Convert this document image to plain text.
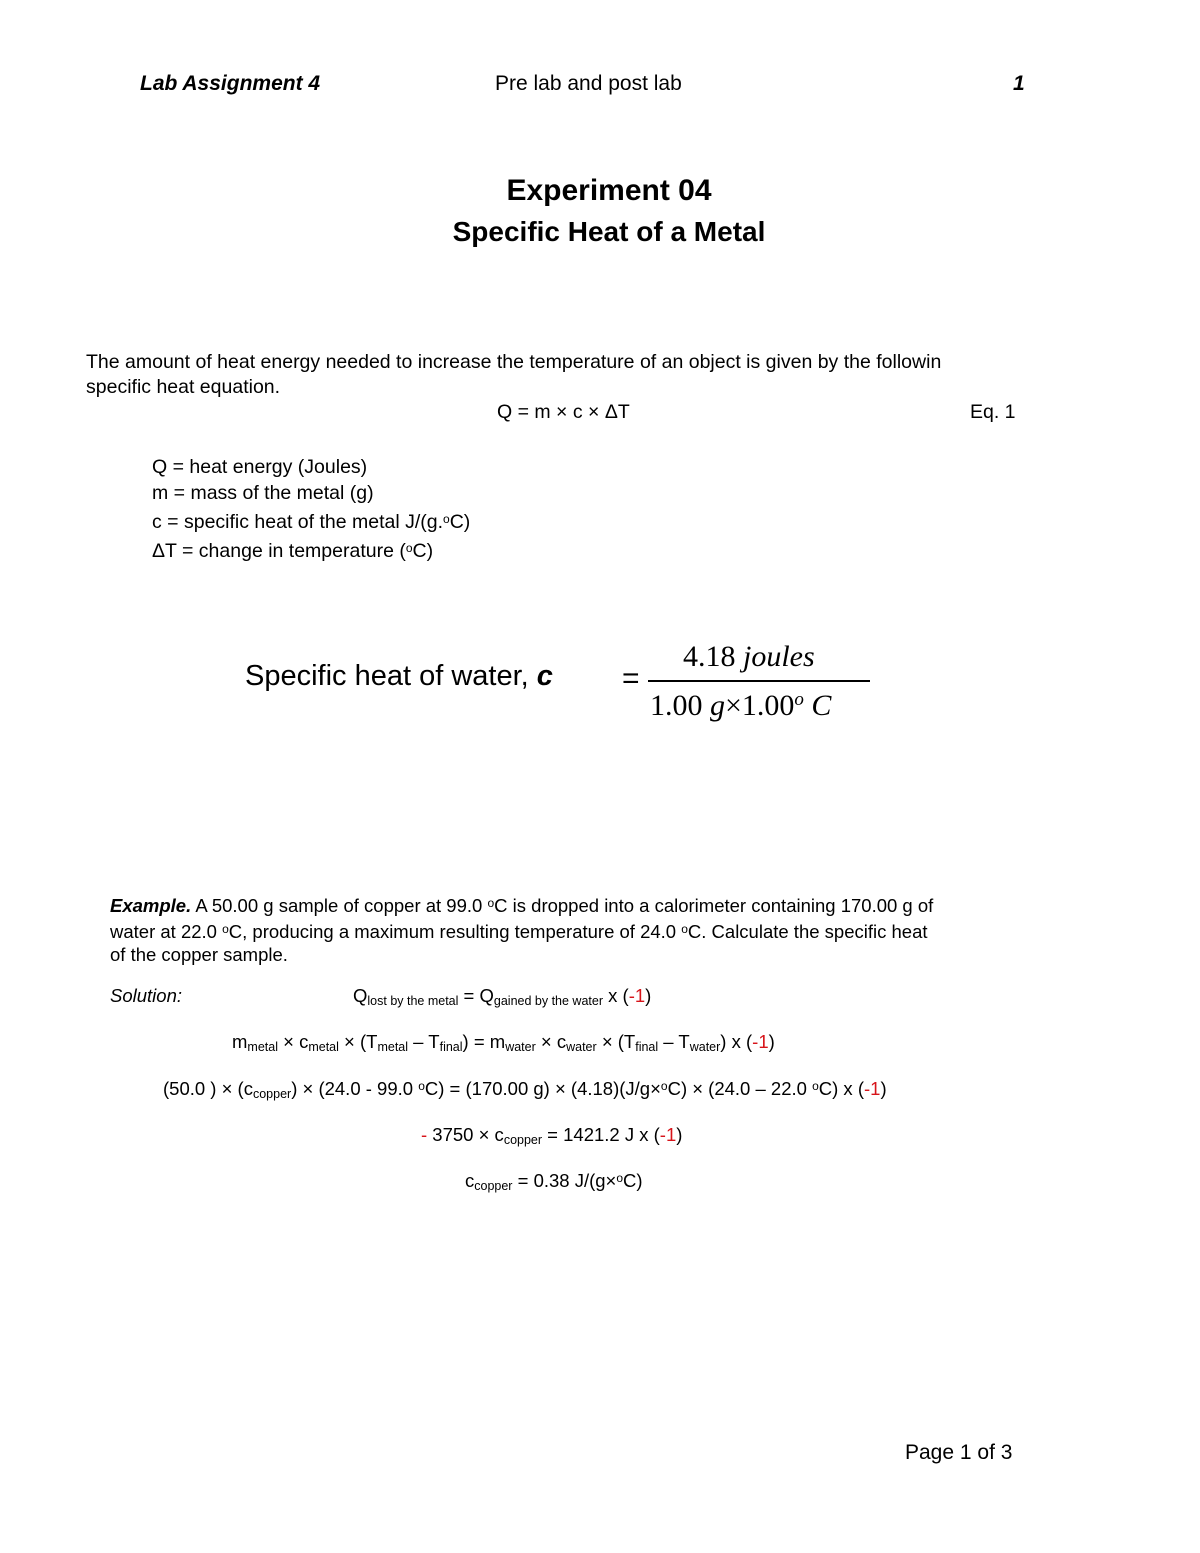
Lab Assignment 4	Pre lab and post lab	1
Experiment 04
Specific Heat of a Metal
The amount of heat energy needed to increase the temperature of an object is given by the followin
specific heat equation.
Q = m × c × ΔT	Eq. 1
Q = heat energy (Joules)
m = mass of the metal (g)
c = specific heat of the metal J/(g.$^o$C)
ΔT = change in temperature ($^o$C)
Specific heat of water, c =
4.18 joules
1.00 $g\times 1.00^o$ C
Example. A 50.00 g sample of copper at 99.0 $^o$C is dropped into a calorimeter containing 170.00 g of
water at 22.0 $^o$C, producing a maximum resulting temperature of 24.0 $^o$C. Calculate the specific heat
of the copper sample.
Solution:	$Q_{lost by the metal} = Q_{gained by the water}$ x (-1)
$m_{metal} \times c_{metal} \times (T_{metal} - T_{final}) = m_{water} \times c_{water} \times (T_{final} - T_{water})$ x (-1)
(50.0 ) × $(c_{copper}) \times (24.0 - 99.0$ $^o$C) = (170.00 g) × (4.18)(J/g×$^o$C) × (24.0 – 22.0 $^o$C) x (-1)
- $3750 \times c_{copper} = 1421.2$ J x (-1)
$c_{copper} = 0.38$ J/(g×$^o$C)
Page 1 of 3
